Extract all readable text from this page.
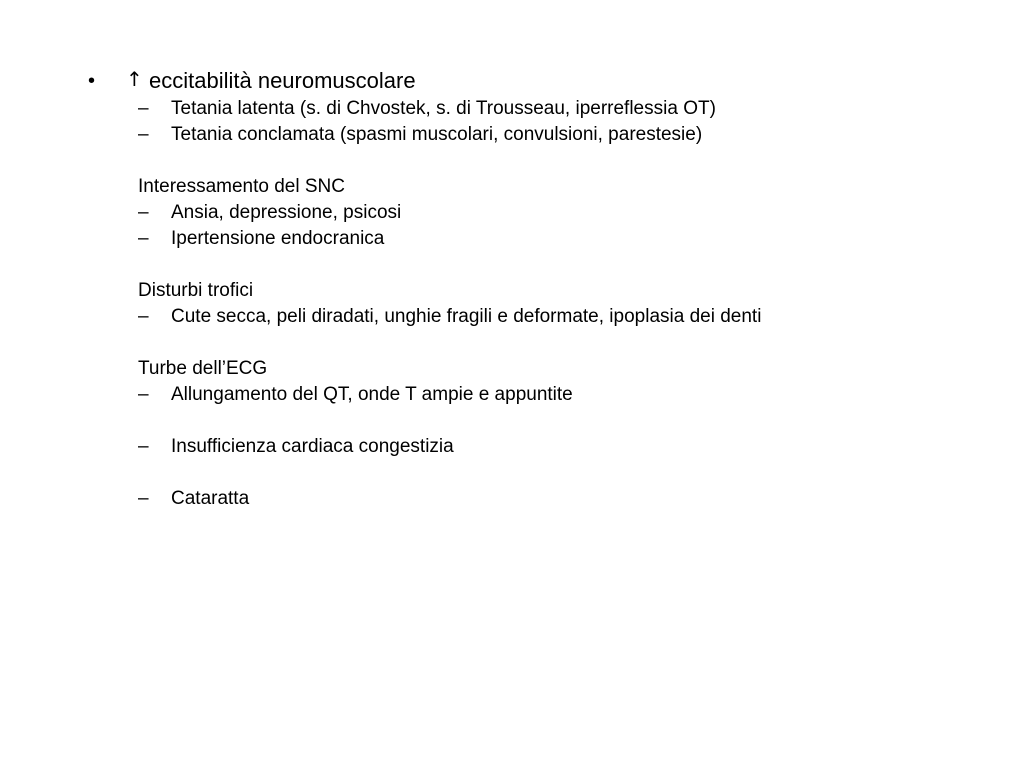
• ↑ eccitabilità neuromuscolare
– Tetania latenta (s. di Chvostek, s. di Trousseau, iperreflessia OT)
– Tetania conclamata (spasmi muscolari, convulsioni, parestesie)
Interessamento del SNC
– Ansia, depressione, psicosi
– Ipertensione endocranica
Disturbi trofici
– Cute secca, peli diradati, unghie fragili e deformate, ipoplasia dei denti
Turbe dell’ECG
– Allungamento del QT, onde T ampie e appuntite
– Insufficienza cardiaca congestizia
– Cataratta
